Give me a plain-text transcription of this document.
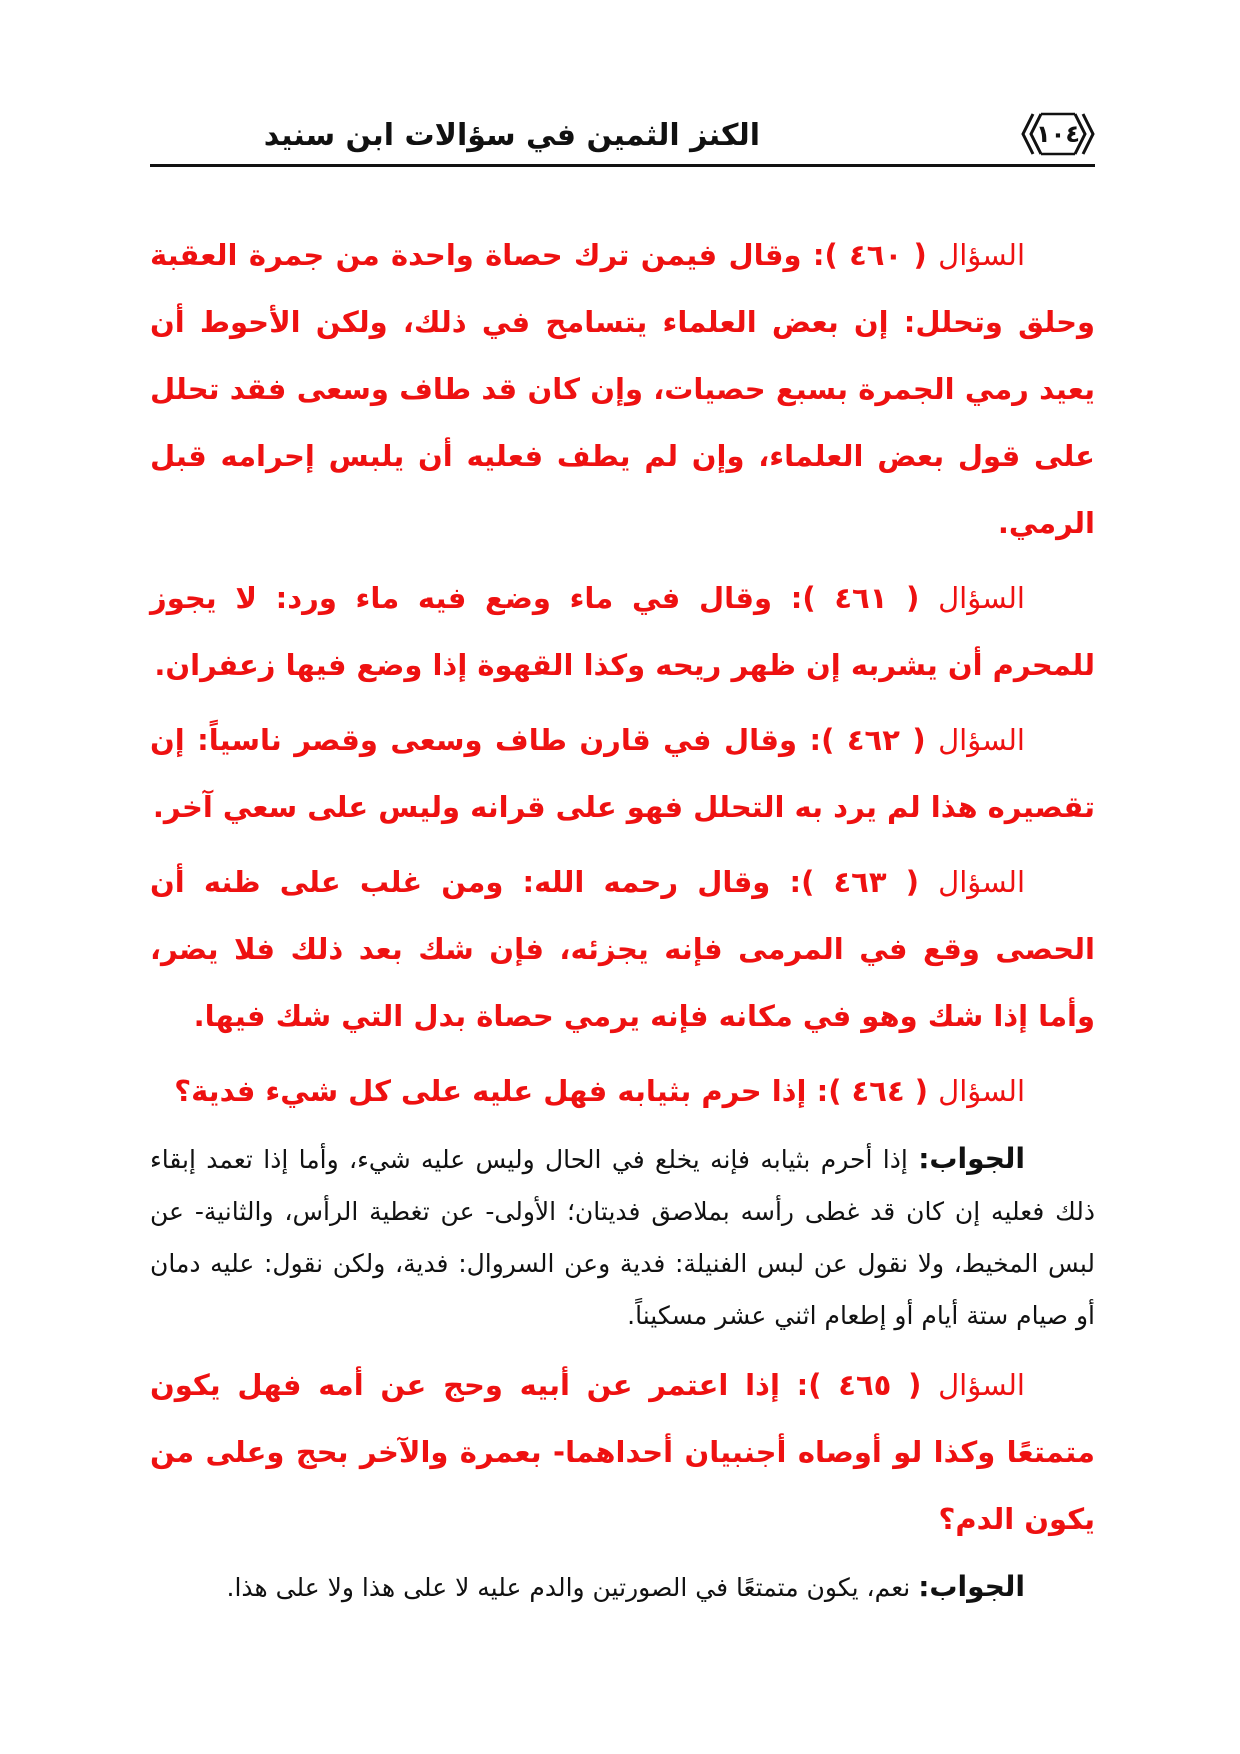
الكنز الثمين في سؤالات ابن سنيد	١٠٤

السؤال ( ٤٦٠ ): وقال فيمن ترك حصاة واحدة من جمرة العقبة وحلق وتحلل: إن بعض العلماء يتسامح في ذلك، ولكن الأحوط أن يعيد رمي الجمرة بسبع حصيات، وإن كان قد طاف وسعى فقد تحلل على قول بعض العلماء، وإن لم يطف فعليه أن يلبس إحرامه قبل الرمي.

السؤال ( ٤٦١ ): وقال في ماء وضع فيه ماء ورد: لا يجوز للمحرم أن يشربه إن ظهر ريحه وكذا القهوة إذا وضع فيها زعفران.

السؤال ( ٤٦٢ ): وقال في قارن طاف وسعى وقصر ناسياً: إن تقصيره هذا لم يرد به التحلل فهو على قرانه وليس على سعي آخر.

السؤال ( ٤٦٣ ): وقال رحمه الله: ومن غلب على ظنه أن الحصى وقع في المرمى فإنه يجزئه، فإن شك بعد ذلك فلا يضر، وأما إذا شك وهو في مكانه فإنه يرمي حصاة بدل التي شك فيها.

السؤال ( ٤٦٤ ): إذا حرم بثيابه فهل عليه على كل شيء فدية؟

الجواب: إذا أحرم بثيابه فإنه يخلع في الحال وليس عليه شيء، وأما إذا تعمد إبقاء ذلك فعليه إن كان قد غطى رأسه بملاصق فديتان؛ الأولى- عن تغطية الرأس، والثانية- عن لبس المخيط، ولا نقول عن لبس الفنيلة: فدية وعن السروال: فدية، ولكن نقول: عليه دمان أو صيام ستة أيام أو إطعام اثني عشر مسكيناً.

السؤال ( ٤٦٥ ): إذا اعتمر عن أبيه وحج عن أمه فهل يكون متمتعًا وكذا لو أوصاه أجنبيان أحداهما- بعمرة والآخر بحج وعلى من يكون الدم؟

الجواب: نعم، يكون متمتعًا في الصورتين والدم عليه لا على هذا ولا على هذا.
